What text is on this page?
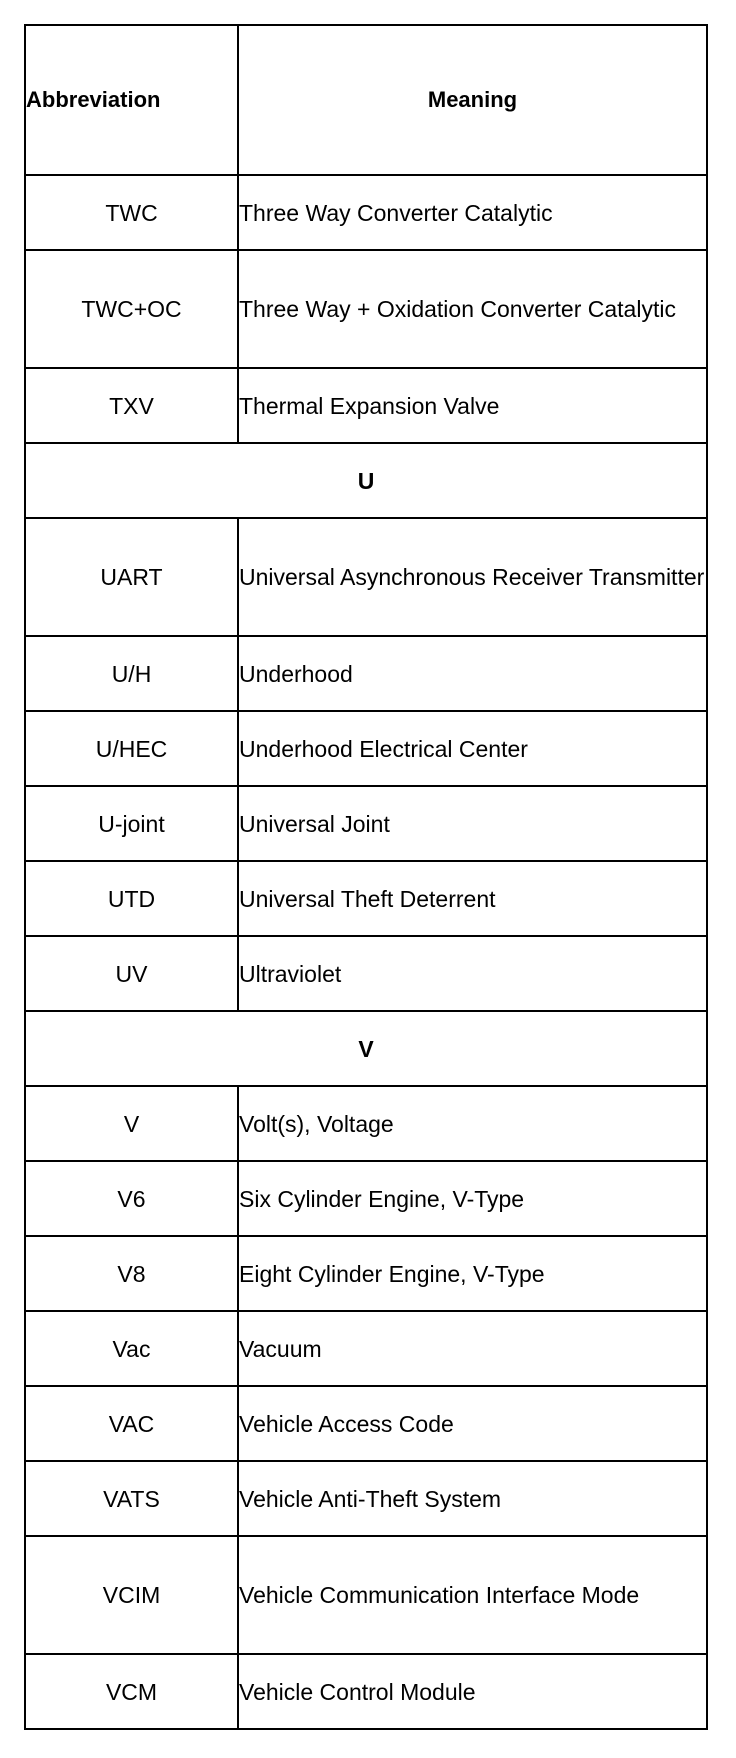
Abbreviation	Meaning
TWC	Three Way Converter Catalytic
TWC+OC	Three Way + Oxidation Converter Catalytic
TXV	Thermal Expansion Valve
U	
UART	Universal Asynchronous Receiver Transmitter
U/H	Underhood
U/HEC	Underhood Electrical Center
U-joint	Universal Joint
UTD	Universal Theft Deterrent
UV	Ultraviolet
V	
V	Volt(s), Voltage
V6	Six Cylinder Engine, V-Type
V8	Eight Cylinder Engine, V-Type
Vac	Vacuum
VAC	Vehicle Access Code
VATS	Vehicle Anti-Theft System
VCIM	Vehicle Communication Interface Mode
VCM	Vehicle Control Module
